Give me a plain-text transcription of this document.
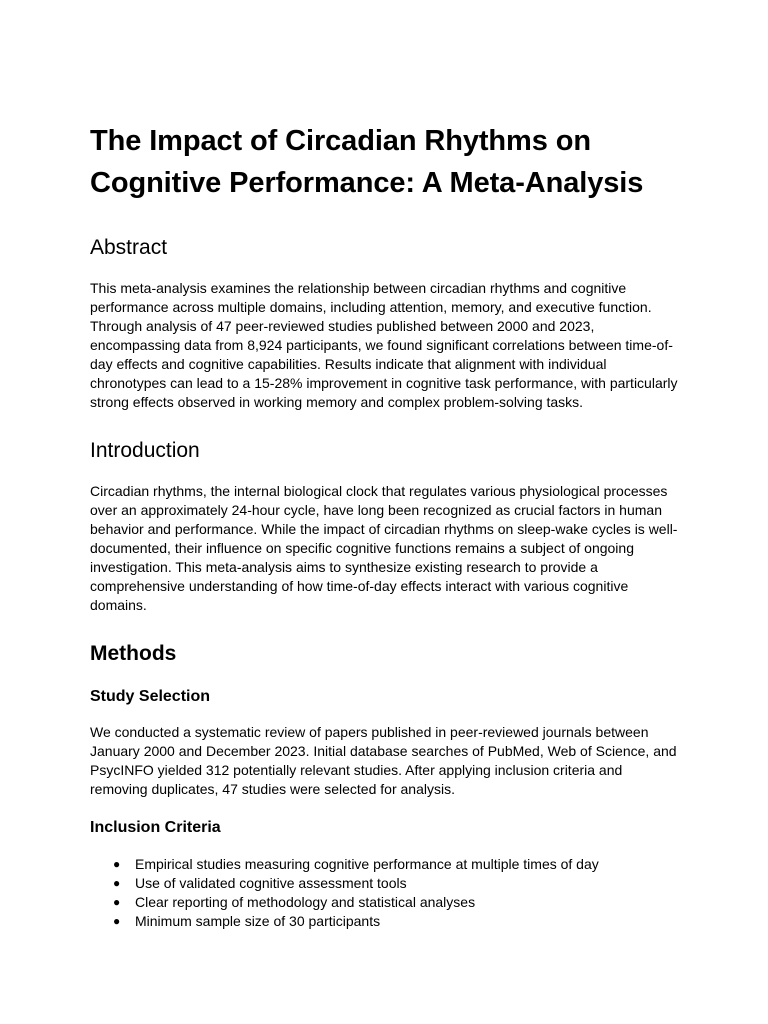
The Impact of Circadian Rhythms on Cognitive Performance: A Meta-Analysis
Abstract

This meta-analysis examines the relationship between circadian rhythms and cognitive performance across multiple domains, including attention, memory, and executive function. Through analysis of 47 peer-reviewed studies published between 2000 and 2023, encompassing data from 8,924 participants, we found significant correlations between time-of-day effects and cognitive capabilities. Results indicate that alignment with individual chronotypes can lead to a 15-28% improvement in cognitive task performance, with particularly strong effects observed in working memory and complex problem-solving tasks.

Introduction

Circadian rhythms, the internal biological clock that regulates various physiological processes over an approximately 24-hour cycle, have long been recognized as crucial factors in human behavior and performance. While the impact of circadian rhythms on sleep-wake cycles is well-documented, their influence on specific cognitive functions remains a subject of ongoing investigation. This meta-analysis aims to synthesize existing research to provide a comprehensive understanding of how time-of-day effects interact with various cognitive domains.

Methods
Study Selection

We conducted a systematic review of papers published in peer-reviewed journals between January 2000 and December 2023. Initial database searches of PubMed, Web of Science, and PsycINFO yielded 312 potentially relevant studies. After applying inclusion criteria and removing duplicates, 47 studies were selected for analysis.

Inclusion Criteria
● Empirical studies measuring cognitive performance at multiple times of day
● Use of validated cognitive assessment tools
● Clear reporting of methodology and statistical analyses
● Minimum sample size of 30 participants
